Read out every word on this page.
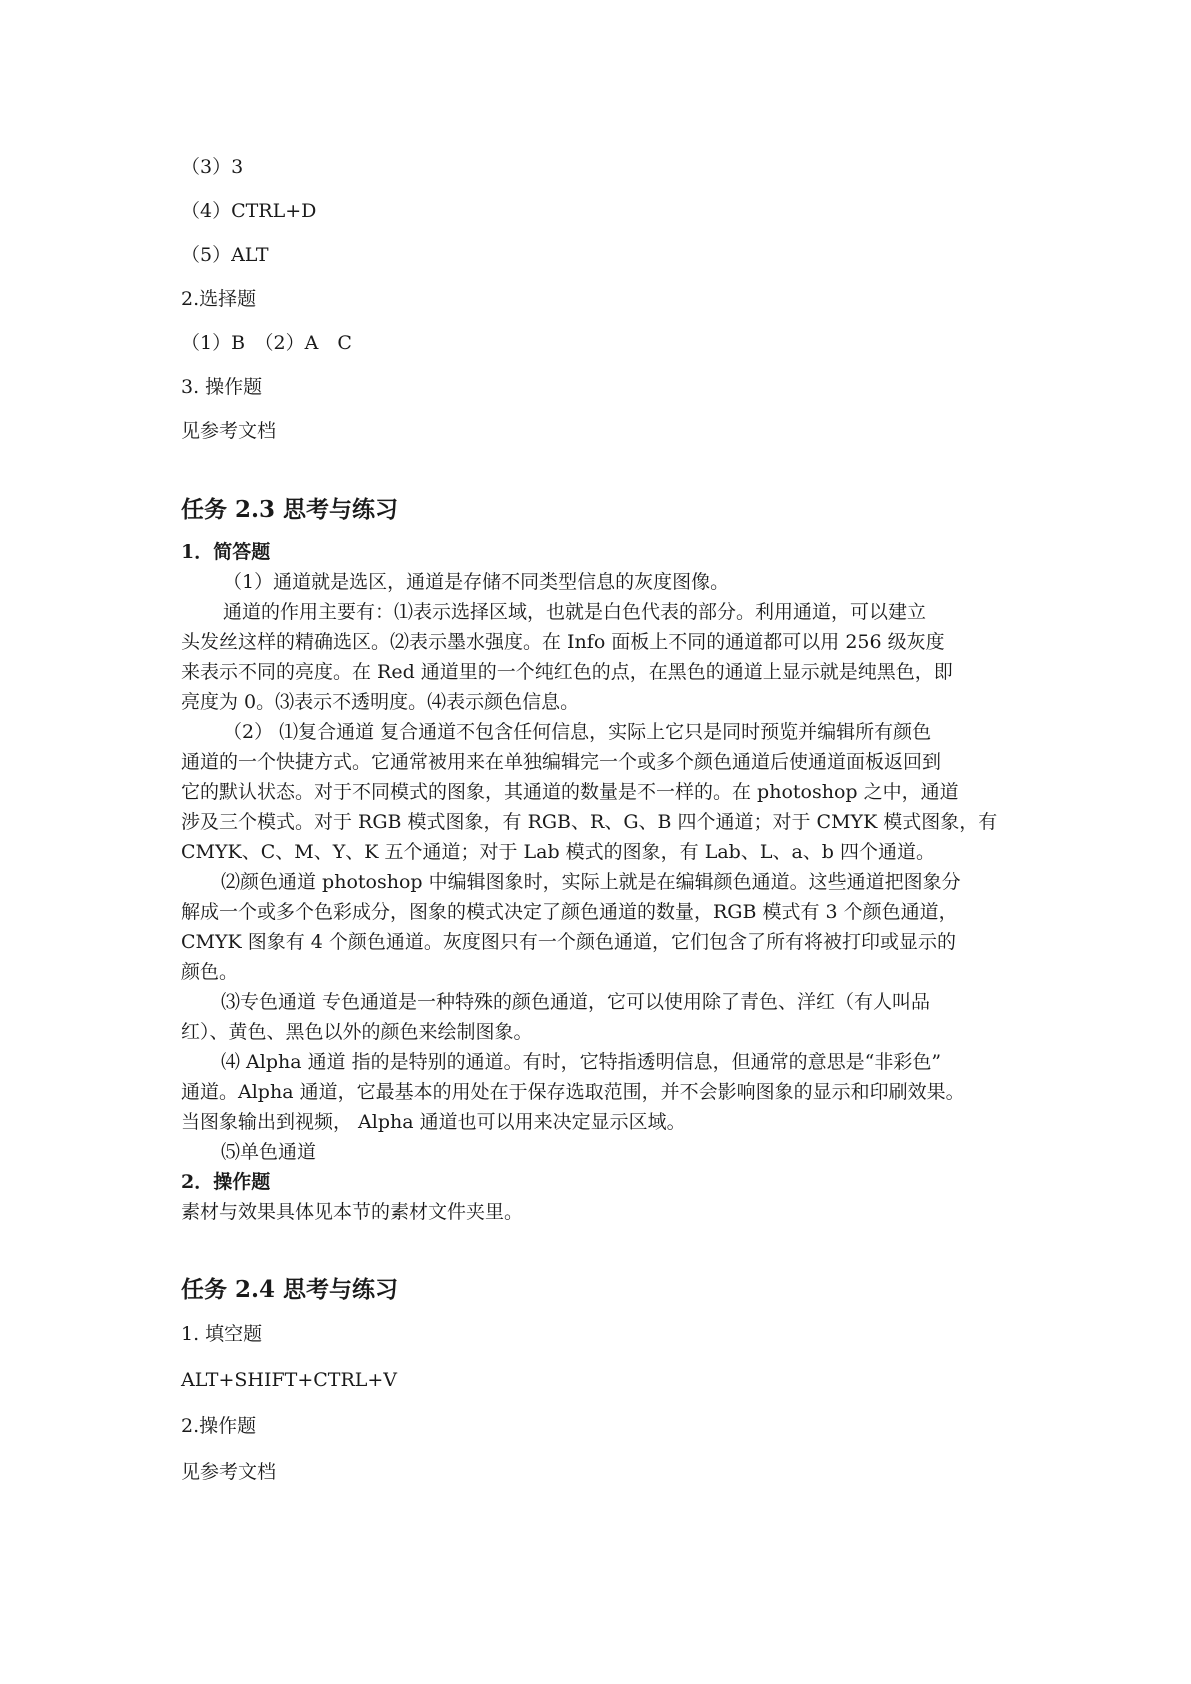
（3）3
（4）CTRL+D
（5）ALT
2.选择题
（1）B　（2）A　C
3. 操作题
见参考文档
任务 2.3 思考与练习
1．简答题
（1）通道就是选区，通道是存储不同类型信息的灰度图像。
通道的作用主要有：⑴表示选择区域，也就是白色代表的部分。利用通道，可以建立
头发丝这样的精确选区。⑵表示墨水强度。在 Info 面板上不同的通道都可以用 256 级灰度
来表示不同的亮度。在 Red 通道里的一个纯红色的点，在黑色的通道上显示就是纯黑色，即
亮度为 0。⑶表示不透明度。⑷表示颜色信息。
（2） ⑴复合通道 复合通道不包含任何信息，实际上它只是同时预览并编辑所有颜色
通道的一个快捷方式。它通常被用来在单独编辑完一个或多个颜色通道后使通道面板返回到
它的默认状态。对于不同模式的图象，其通道的数量是不一样的。在 photoshop 之中，通道
涉及三个模式。对于 RGB 模式图象，有 RGB、R、G、B 四个通道；对于 CMYK 模式图象，有
CMYK、C、M、Y、K 五个通道；对于 Lab 模式的图象，有 Lab、L、a、b 四个通道。
⑵颜色通道 photoshop 中编辑图象时，实际上就是在编辑颜色通道。这些通道把图象分
解成一个或多个色彩成分，图象的模式决定了颜色通道的数量，RGB 模式有 3 个颜色通道，
CMYK 图象有 4 个颜色通道。灰度图只有一个颜色通道，它们包含了所有将被打印或显示的
颜色。
⑶专色通道 专色通道是一种特殊的颜色通道，它可以使用除了青色、洋红（有人叫品
红）、黄色、黑色以外的颜色来绘制图象。
⑷ Alpha 通道 指的是特别的通道。有时，它特指透明信息，但通常的意思是“非彩色”
通道。Alpha 通道，它最基本的用处在于保存选取范围，并不会影响图象的显示和印刷效果。
当图象输出到视频， Alpha 通道也可以用来决定显示区域。
⑸单色通道
2．操作题
素材与效果具体见本节的素材文件夹里。
任务 2.4 思考与练习
1. 填空题
ALT+SHIFT+CTRL+V
2.操作题
见参考文档
